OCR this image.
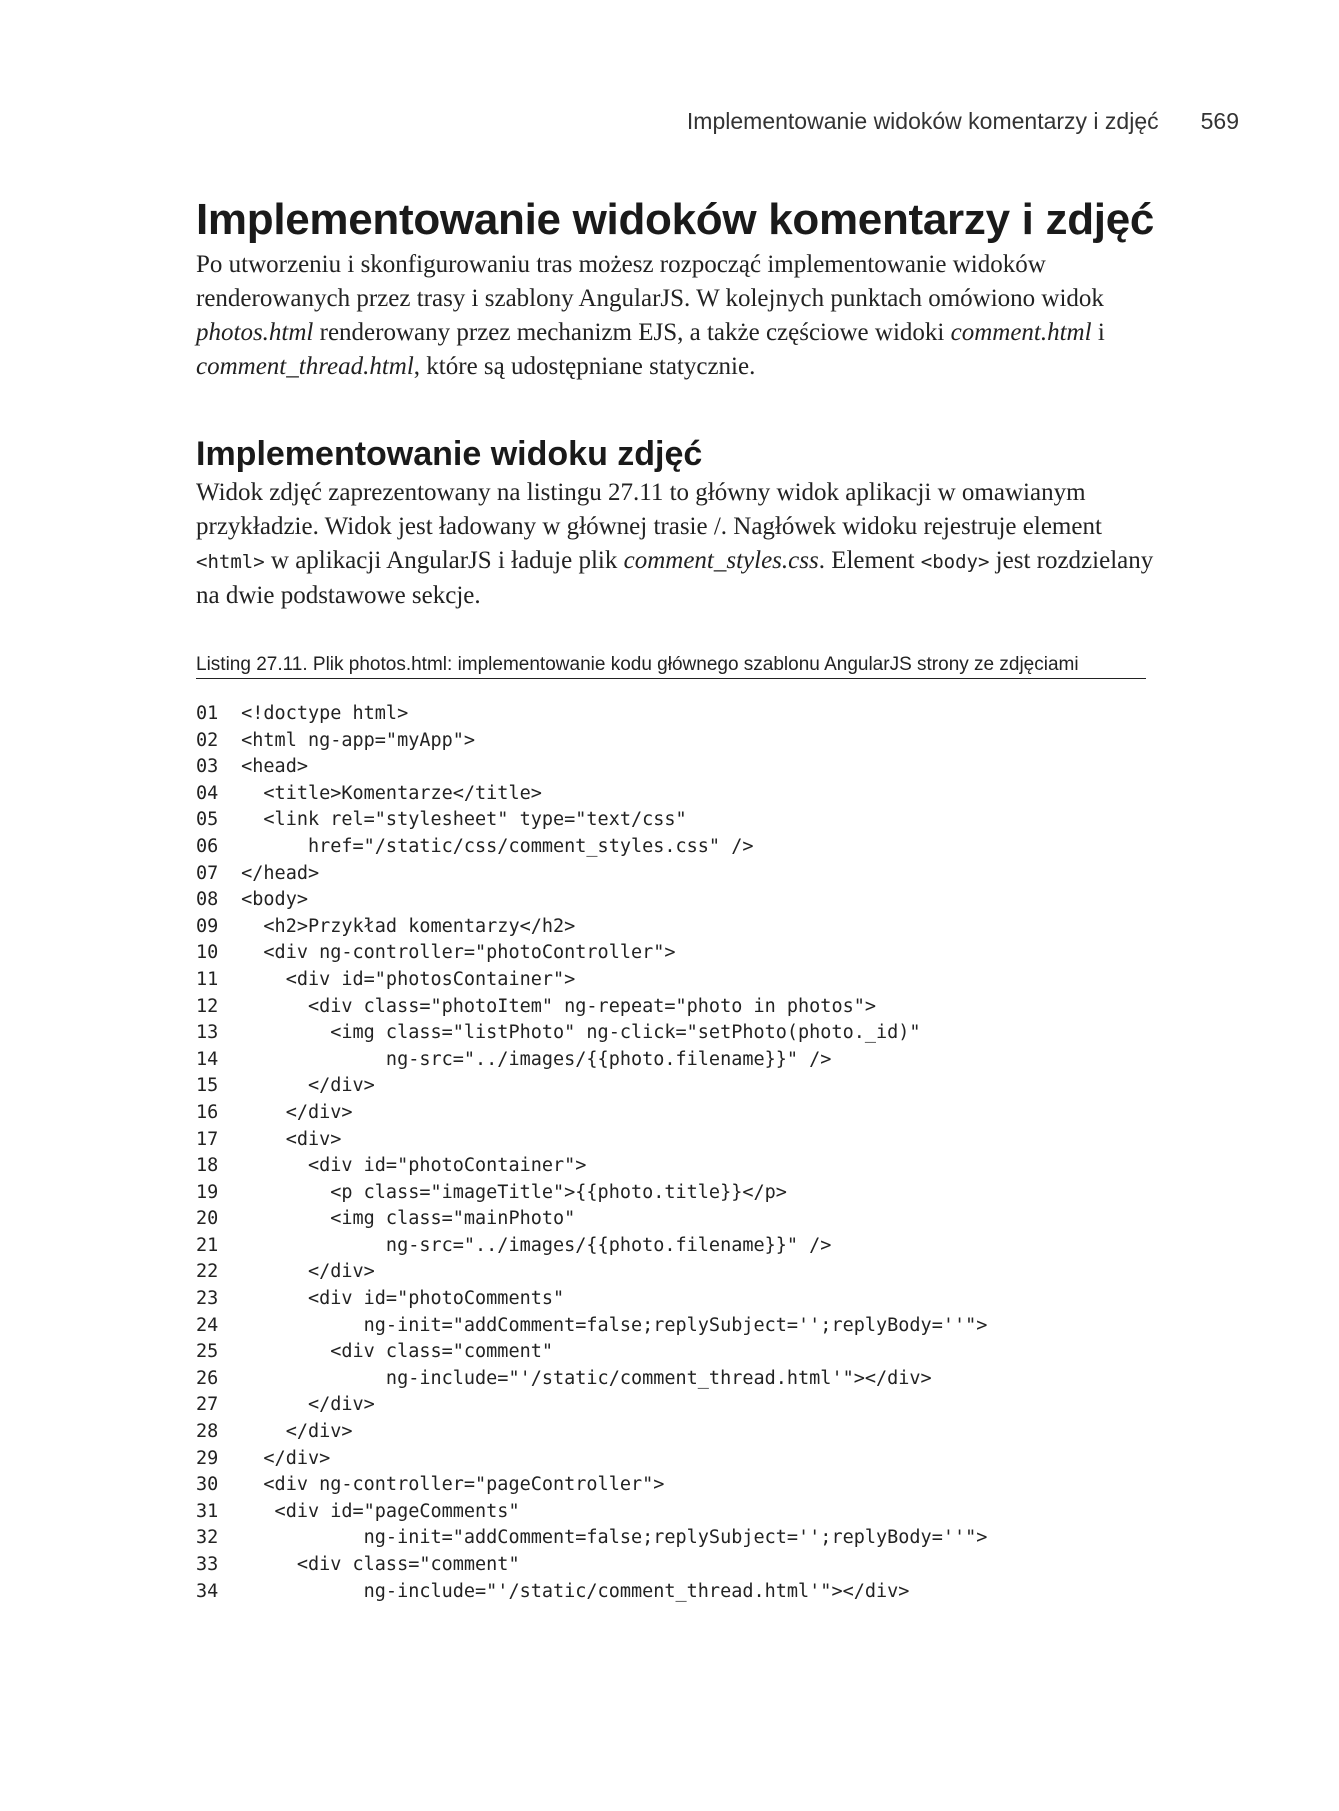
Implementowanie widoków komentarzy i zdjęć 569
Implementowanie widoków komentarzy i zdjęć

Po utworzeniu i skonfigurowaniu tras możesz rozpocząć implementowanie widoków renderowanych przez trasy i szablony AngularJS. W kolejnych punktach omówiono widok photos.html renderowany przez mechanizm EJS, a także częściowe widoki comment.html i comment_thread.html, które są udostępniane statycznie.

Implementowanie widoku zdjęć

Widok zdjęć zaprezentowany na listingu 27.11 to główny widok aplikacji w omawianym przykładzie. Widok jest ładowany w głównej trasie /. Nagłówek widoku rejestruje element <html> w aplikacji AngularJS i ładuje plik comment_styles.css. Element <body> jest rozdzielany na dwie podstawowe sekcje.

Listing 27.11. Plik photos.html: implementowanie kodu głównego szablonu AngularJS strony ze zdjęciami
01 <!doctype html>
02 <html ng-app="myApp">
03 <head>
04   <title>Komentarze</title>
05   <link rel="stylesheet" type="text/css"
06       href="/static/css/comment_styles.css" />
07 </head>
08 <body>
09   <h2>Przykład komentarzy</h2>
10   <div ng-controller="photoController">
11     <div id="photosContainer">
12       <div class="photoItem" ng-repeat="photo in photos">
13         <img class="listPhoto" ng-click="setPhoto(photo._id)"
14              ng-src="../images/{{photo.filename}}" />
15       </div>
16     </div>
17     <div>
18       <div id="photoContainer">
19         <p class="imageTitle">{{photo.title}}</p>
20         <img class="mainPhoto"
21              ng-src="../images/{{photo.filename}}" />
22       </div>
23       <div id="photoComments"
24            ng-init="addComment=false;replySubject='';replyBody=''">
25         <div class="comment"
26              ng-include="'/static/comment_thread.html'"></div>
27       </div>
28     </div>
29   </div>
30   <div ng-controller="pageController">
31    <div id="pageComments"
32            ng-init="addComment=false;replySubject='';replyBody=''">
33      <div class="comment"
34            ng-include="'/static/comment_thread.html'"></div>
